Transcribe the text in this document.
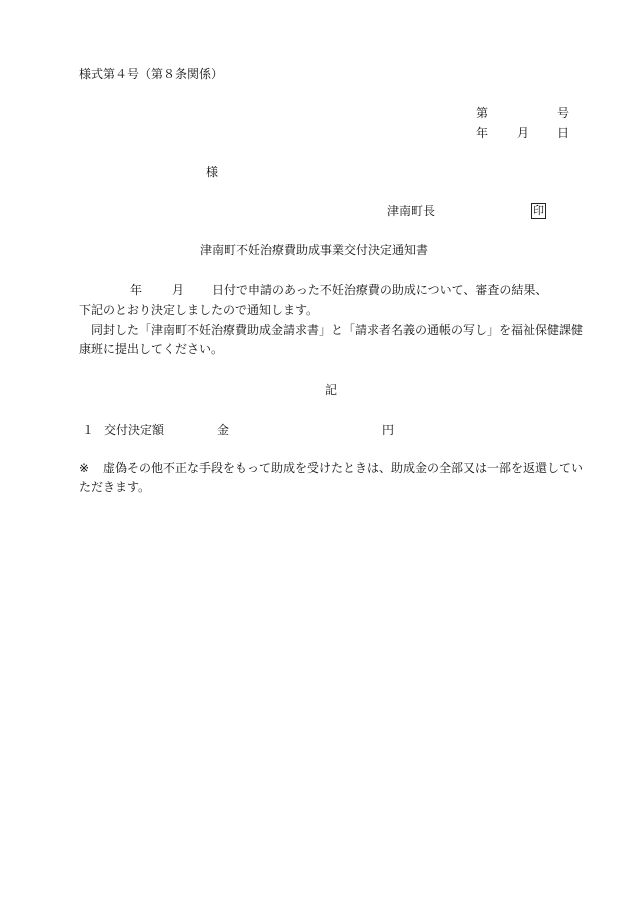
様式第４号（第８条関係）
第	号
年 月 日
様
津南町長	印
津南町不妊治療費助成事業交付決定通知書
年 月 日付で申請のあった不妊治療費の助成について、審査の結果、
下記のとおり決定しましたので通知します。
　同封した「津南町不妊治療費助成金請求書」と「請求者名義の通帳の写し」を福祉保健課健康班に提出してください。
記
１ 交付決定額	金	円
※	虚偽その他不正な手段をもって助成を受けたときは、助成金の全部又は一部を返還していただきます。
